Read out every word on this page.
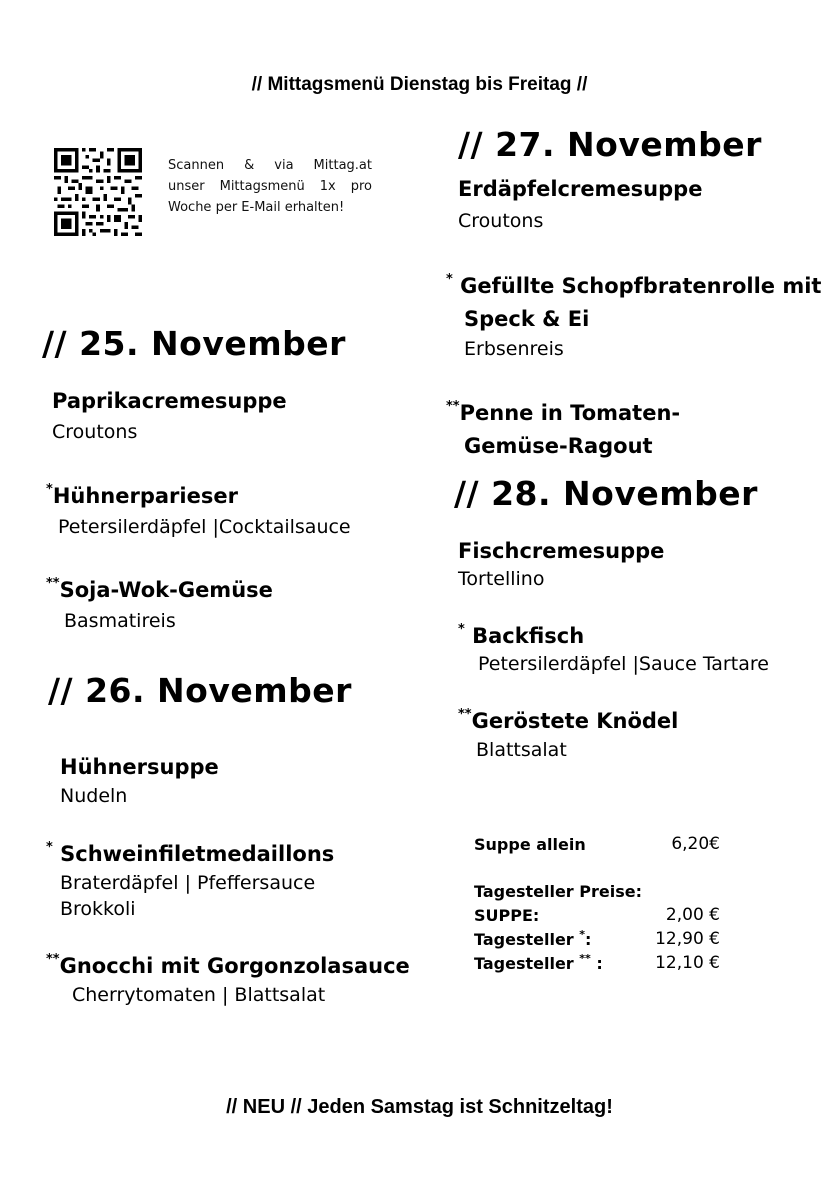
// Mittagsmenü Dienstag bis Freitag //
Scannen & via Mittag.at
unser Mittagsmenü 1x pro
Woche per E-Mail erhalten!
// 25. November
Paprikacremesuppe
Croutons
*Hühnerparieser
Petersilerdäpfel |Cocktailsauce
**Soja-Wok-Gemüse
Basmatireis
// 26. November
Hühnersuppe
Nudeln
* Schweinfiletmedaillons
Braterdäpfel | Pfeffersauce
Brokkoli
**Gnocchi mit Gorgonzolasauce
Cherrytomaten | Blattsalat
// 27. November
Erdäpfelcremesuppe
Croutons
* Gefüllte Schopfbratenrolle mit
Speck & Ei
Erbsenreis
**Penne in Tomaten-
Gemüse-Ragout
// 28. November
Fischcremesuppe
Tortellino
* Backfisch
Petersilerdäpfel |Sauce Tartare
**Geröstete Knödel
Blattsalat
Suppe allein	6,20€
Tagesteller Preise:
SUPPE:	2,00 €
Tagesteller *:	12,90 €
Tagesteller ** :	12,10 €
// NEU // Jeden Samstag ist Schnitzeltag!
